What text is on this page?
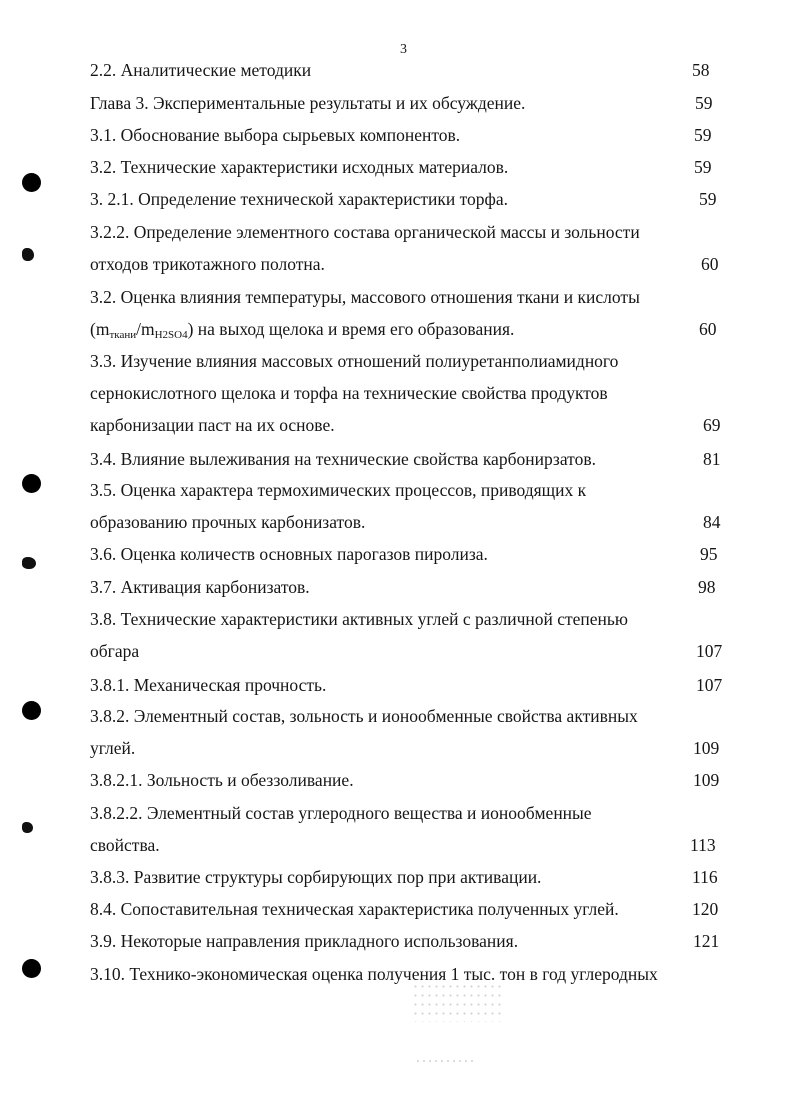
3
2.2. Аналитические методики	58
Глава 3. Экспериментальные результаты и их обсуждение.	59
3.1. Обоснование выбора сырьевых компонентов.	59
3.2. Технические характеристики исходных материалов.	59
3. 2.1. Определение технической характеристики торфа.	59
3.2.2. Определение элементного состава органической массы и зольности
отходов трикотажного полотна.	60
3.2. Оценка влияния температуры, массового отношения ткани и кислоты
$(m_{ткани}/m_{H2SO4})$ на выход щелока и время его образования.	60
3.3. Изучение влияния массовых отношений полиуретанполиамидного
сернокислотного щелока и торфа на технические свойства продуктов
карбонизации паст на их основе.	69
3.4. Влияние вылеживания на технические свойства карбонирзатов.	81
3.5. Оценка характера термохимических процессов, приводящих к
образованию прочных карбонизатов.	84
3.6. Оценка количеств основных парогазов пиролиза.	95
3.7. Активация карбонизатов.	98
3.8. Технические характеристики активных углей с различной степенью
обгара	107
3.8.1. Механическая прочность.	107
3.8.2. Элементный состав, зольность и ионообменные свойства активных
углей.	109
3.8.2.1. Зольность и обеззоливание.	109
3.8.2.2. Элементный состав углеродного вещества и ионообменные
свойства.	113
3.8.3. Развитие структуры сорбирующих пор при активации.	116
8.4. Сопоставительная техническая характеристика полученных углей.	120
3.9. Некоторые направления прикладного использования.	121
3.10. Технико-экономическая оценка получения 1 тыс. тон в год углеродных
